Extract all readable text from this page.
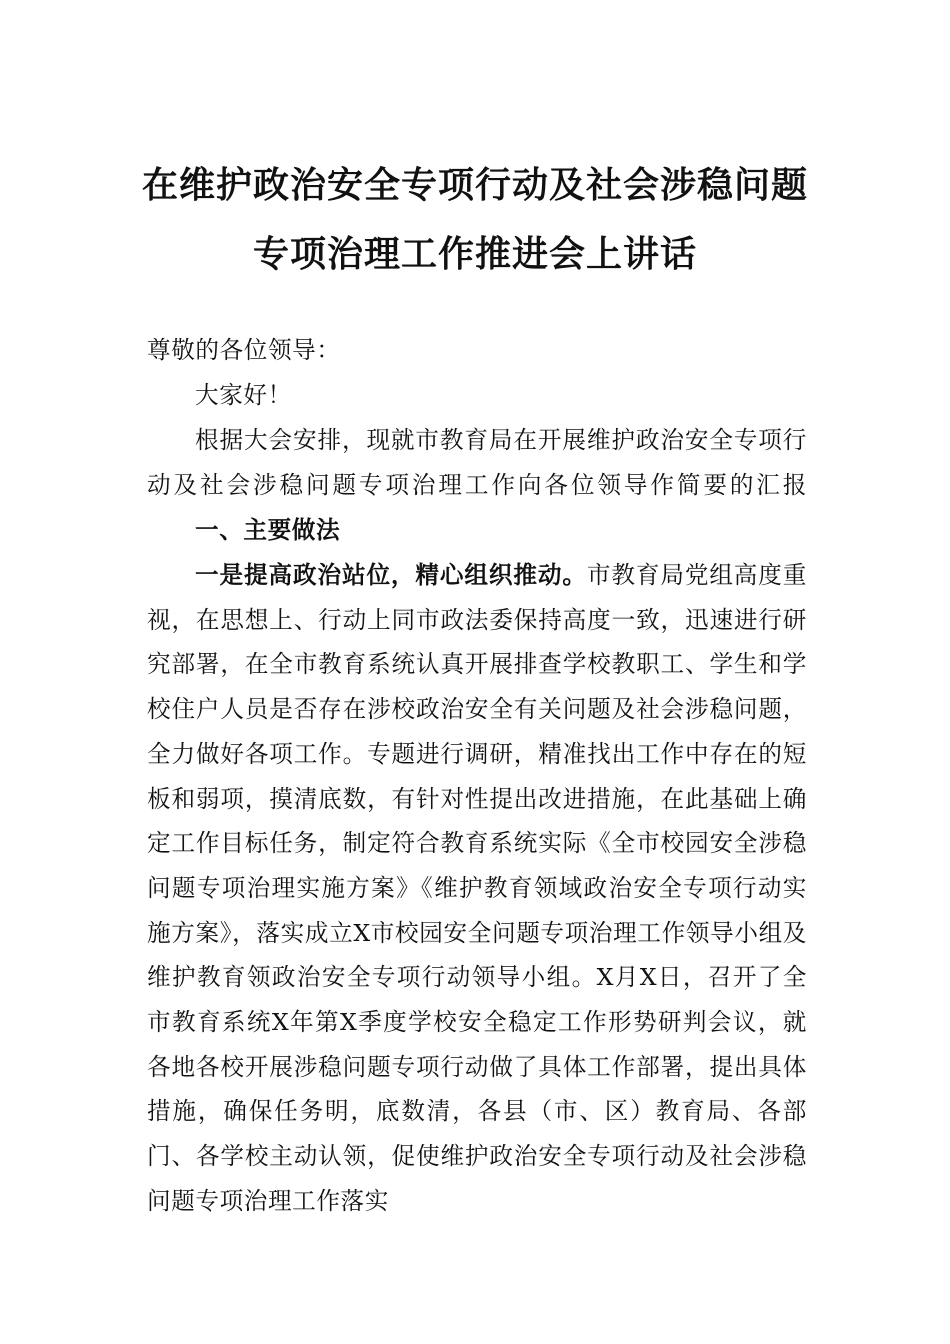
在维护政治安全专项行动及社会涉稳问题
专项治理工作推进会上讲话
尊敬的各位领导：
大家好！
根据大会安排，现就市教育局在开展维护政治安全专项行动及社会涉稳问题专项治理工作向各位领导作简要的汇报
一、主要做法
一是提高政治站位，精心组织推动。市教育局党组高度重视，在思想上、行动上同市政法委保持高度一致，迅速进行研究部署，在全市教育系统认真开展排查学校教职工、学生和学校住户人员是否存在涉校政治安全有关问题及社会涉稳问题，全力做好各项工作。专题进行调研，精准找出工作中存在的短板和弱项，摸清底数，有针对性提出改进措施，在此基础上确定工作目标任务，制定符合教育系统实际《全市校园安全涉稳问题专项治理实施方案》《维护教育领域政治安全专项行动实施方案》，落实成立X市校园安全问题专项治理工作领导小组及维护教育领政治安全专项行动领导小组。X月X日，召开了全市教育系统X年第X季度学校安全稳定工作形势研判会议，就各地各校开展涉稳问题专项行动做了具体工作部署，提出具体措施，确保任务明，底数清，各县（市、区）教育局、各部门、各学校主动认领，促使维护政治安全专项行动及社会涉稳问题专项治理工作落实
